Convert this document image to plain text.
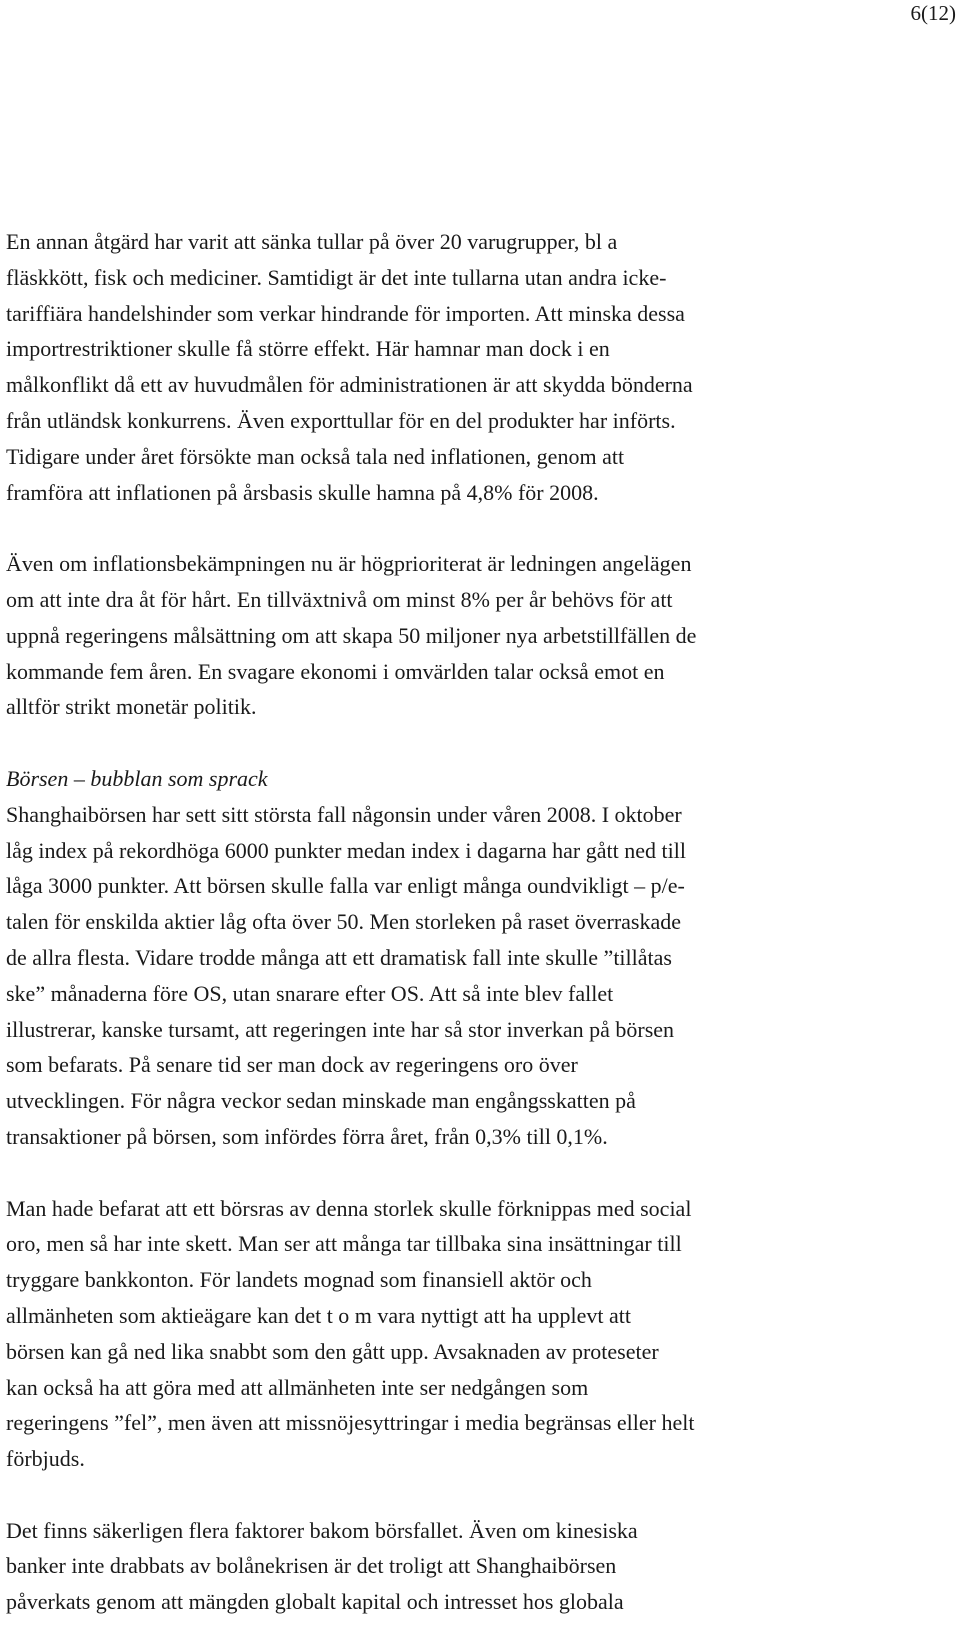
6(12)

En annan åtgärd har varit att sänka tullar på över 20 varugrupper, bl a
fläskkött, fisk och mediciner. Samtidigt är det inte tullarna utan andra icke-
tariffiära handelshinder som verkar hindrande för importen. Att minska dessa
importrestriktioner skulle få större effekt. Här hamnar man dock i en
målkonflikt då ett av huvudmålen för administrationen är att skydda bönderna
från utländsk konkurrens. Även exporttullar för en del produkter har införts.
Tidigare under året försökte man också tala ned inflationen, genom att
framföra att inflationen på årsbasis skulle hamna på 4,8% för 2008.

Även om inflationsbekämpningen nu är högprioriterat är ledningen angelägen
om att inte dra åt för hårt. En tillväxtnivå om minst 8% per år behövs för att
uppnå regeringens målsättning om att skapa 50 miljoner nya arbetstillfällen de
kommande fem åren. En svagare ekonomi i omvärlden talar också emot en
alltför strikt monetär politik.

Börsen – bubblan som sprack

Shanghaibörsen har sett sitt största fall någonsin under våren 2008. I oktober
låg index på rekordhöga 6000 punkter medan index i dagarna har gått ned till
låga 3000 punkter. Att börsen skulle falla var enligt många oundvikligt – p/e-
talen för enskilda aktier låg ofta över 50. Men storleken på raset överraskade
de allra flesta. Vidare trodde många att ett dramatisk fall inte skulle ”tillåtas
ske” månaderna före OS, utan snarare efter OS. Att så inte blev fallet
illustrerar, kanske tursamt, att regeringen inte har så stor inverkan på börsen
som befarats. På senare tid ser man dock av regeringens oro över
utvecklingen. För några veckor sedan minskade man engångsskatten på
transaktioner på börsen, som infördes förra året, från 0,3% till 0,1%.

Man hade befarat att ett börsras av denna storlek skulle förknippas med social
oro, men så har inte skett. Man ser att många tar tillbaka sina insättningar till
tryggare bankkonton. För landets mognad som finansiell aktör och
allmänheten som aktieägare kan det t o m vara nyttigt att ha upplevt att
börsen kan gå ned lika snabbt som den gått upp. Avsaknaden av proteseter
kan också ha att göra med att allmänheten inte ser nedgången som
regeringens ”fel”, men även att missnöjesyttringar i media begränsas eller helt
förbjuds.

Det finns säkerligen flera faktorer bakom börsfallet. Även om kinesiska
banker inte drabbats av bolånekrisen är det troligt att Shanghaibörsen
påverkats genom att mängden globalt kapital och intresset hos globala
